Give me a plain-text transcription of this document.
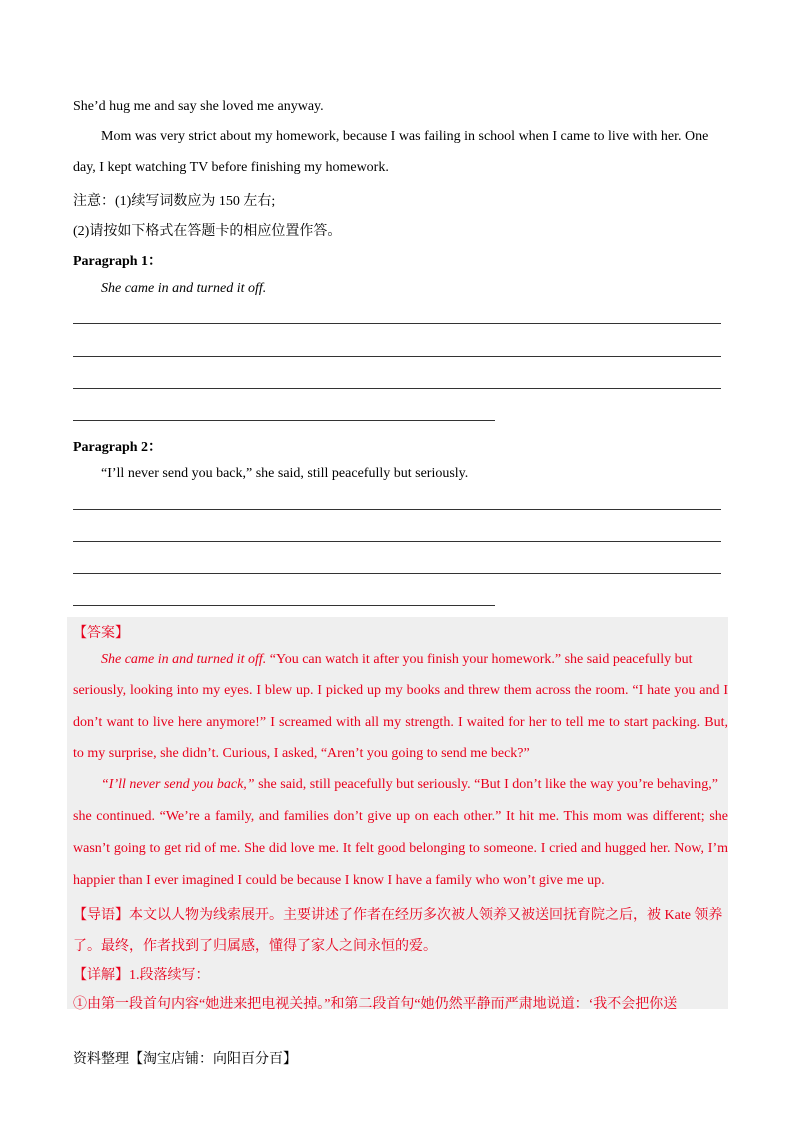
She’d hug me and say she loved me anyway.
Mom was very strict about my homework, because I was failing in school when I came to live with her. One
day, I kept watching TV before finishing my homework.
注意：(1)续写词数应为 150 左右;
(2)请按如下格式在答题卡的相应位置作答。
Paragraph 1：
She came in and turned it off.
Paragraph 2：
“I’ll never send you back,” she said, still peacefully but seriously.
【答案】
She came in and turned it off. “You can watch it after you finish your homework.” she said peacefully but
seriously, looking into my eyes. I blew up. I picked up my books and threw them across the room. “I hate you and I
don’t want to live here anymore!” I screamed with all my strength. I waited for her to tell me to start packing. But,
to my surprise, she didn’t. Curious, I asked, “Aren’t you going to send me beck?”
“I’ll never send you back,” she said, still peacefully but seriously. “But I don’t like the way you’re behaving,”
she continued. “We’re a family, and families don’t give up on each other.” It hit me. This mom was different; she
wasn’t going to get rid of me. She did love me. It felt good belonging to someone. I cried and hugged her. Now, I’m
happier than I ever imagined I could be because I know I have a family who won’t give me up.
【导语】本文以人物为线索展开。主要讲述了作者在经历多次被人领养又被送回抚育院之后，被 Kate 领养
了。最终，作者找到了归属感，懂得了家人之间永恒的爱。
【详解】1.段落续写：
①由第一段首句内容“她进来把电视关掉。”和第二段首句“她仍然平静而严肃地说道：‘我不会把你送
资料整理【淘宝店铺：向阳百分百】
